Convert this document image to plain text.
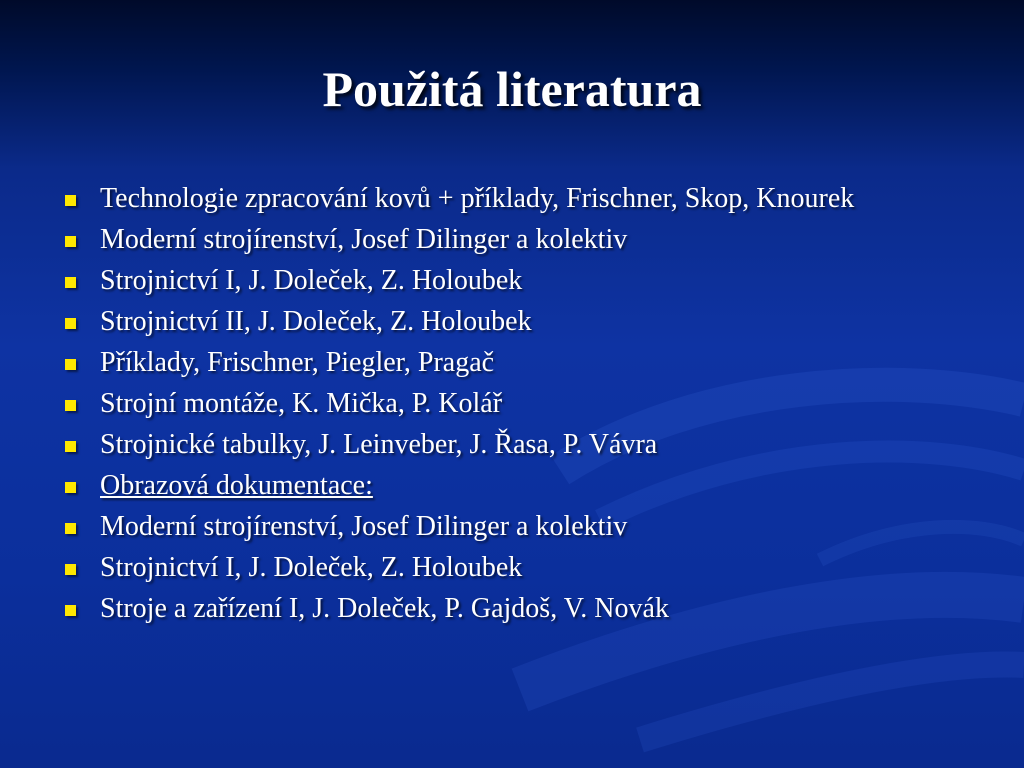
Použitá literatura
Technologie zpracování kovů + příklady, Frischner, Skop, Knourek
Moderní strojírenství, Josef Dilinger a kolektiv
Strojnictví I, J. Doleček, Z. Holoubek
Strojnictví II, J. Doleček, Z. Holoubek
Příklady, Frischner, Piegler, Pragač
Strojní montáže, K. Mička, P. Kolář
Strojnické tabulky, J. Leinveber, J. Řasa, P. Vávra
Obrazová dokumentace:
Moderní strojírenství, Josef Dilinger a kolektiv
Strojnictví I, J. Doleček, Z. Holoubek
Stroje a zařízení I, J. Doleček, P. Gajdoš, V. Novák
